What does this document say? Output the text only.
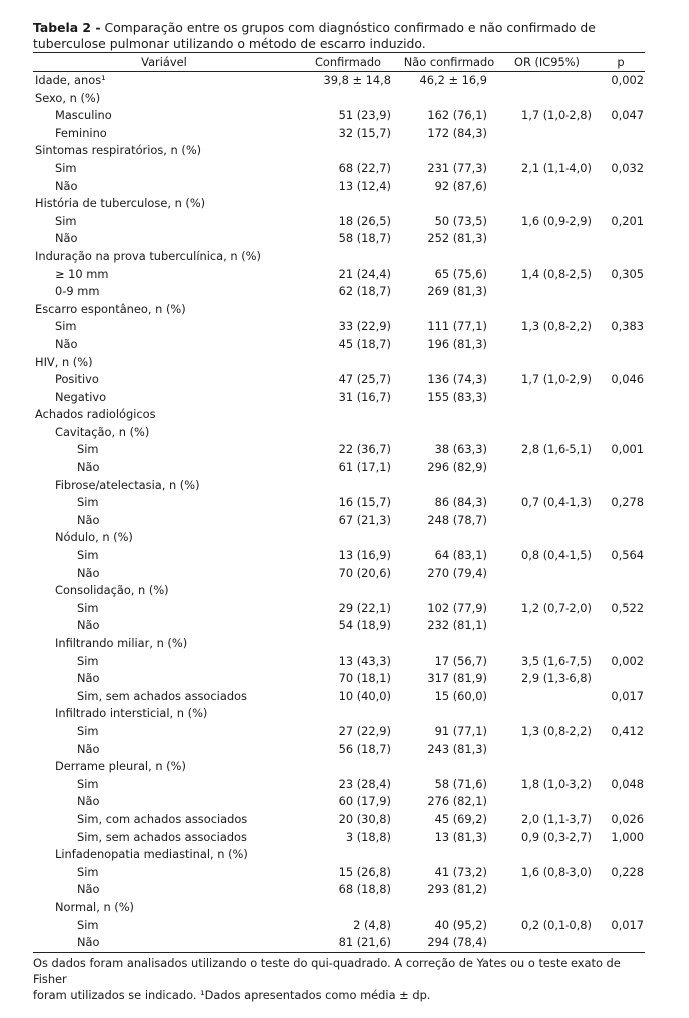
Tabela 2 - Comparação entre os grupos com diagnóstico confirmado e não confirmado de tuberculose pulmonar utilizando o método de escarro induzido.

Variável	Confirmado	Não confirmado	OR (IC95%)	p
Idade, anos¹	39,8 ± 14,8	46,2 ± 16,9		0,002
Sexo, n (%)				
Masculino	51 (23,9)	162 (76,1)	1,7 (1,0-2,8)	0,047
Feminino	32 (15,7)	172 (84,3)		
Sintomas respiratórios, n (%)				
Sim	68 (22,7)	231 (77,3)	2,1 (1,1-4,0)	0,032
Não	13 (12,4)	92 (87,6)		
História de tuberculose, n (%)				
Sim	18 (26,5)	50 (73,5)	1,6 (0,9-2,9)	0,201
Não	58 (18,7)	252 (81,3)		
Induração na prova tuberculínica, n (%)				
≥ 10 mm	21 (24,4)	65 (75,6)	1,4 (0,8-2,5)	0,305
0-9 mm	62 (18,7)	269 (81,3)		
Escarro espontâneo, n (%)				
Sim	33 (22,9)	111 (77,1)	1,3 (0,8-2,2)	0,383
Não	45 (18,7)	196 (81,3)		
HIV, n (%)				
Positivo	47 (25,7)	136 (74,3)	1,7 (1,0-2,9)	0,046
Negativo	31 (16,7)	155 (83,3)		
Achados radiológicos				
Cavitação, n (%)				
Sim	22 (36,7)	38 (63,3)	2,8 (1,6-5,1)	0,001
Não	61 (17,1)	296 (82,9)		
Fibrose/atelectasia, n (%)				
Sim	16 (15,7)	86 (84,3)	0,7 (0,4-1,3)	0,278
Não	67 (21,3)	248 (78,7)		
Nódulo, n (%)				
Sim	13 (16,9)	64 (83,1)	0,8 (0,4-1,5)	0,564
Não	70 (20,6)	270 (79,4)		
Consolidação, n (%)				
Sim	29 (22,1)	102 (77,9)	1,2 (0,7-2,0)	0,522
Não	54 (18,9)	232 (81,1)		
Infiltrando miliar, n (%)				
Sim	13 (43,3)	17 (56,7)	3,5 (1,6-7,5)	0,002
Não	70 (18,1)	317 (81,9)	2,9 (1,3-6,8)	
Sim, sem achados associados	10 (40,0)	15 (60,0)		0,017
Infiltrado intersticial, n (%)				
Sim	27 (22,9)	91 (77,1)	1,3 (0,8-2,2)	0,412
Não	56 (18,7)	243 (81,3)		
Derrame pleural, n (%)				
Sim	23 (28,4)	58 (71,6)	1,8 (1,0-3,2)	0,048
Não	60 (17,9)	276 (82,1)		
Sim, com achados associados	20 (30,8)	45 (69,2)	2,0 (1,1-3,7)	0,026
Sim, sem achados associados	3 (18,8)	13 (81,3)	0,9 (0,3-2,7)	1,000
Linfadenopatia mediastinal, n (%)				
Sim	15 (26,8)	41 (73,2)	1,6 (0,8-3,0)	0,228
Não	68 (18,8)	293 (81,2)		
Normal, n (%)				
Sim	2 (4,8)	40 (95,2)	0,2 (0,1-0,8)	0,017
Não	81 (21,6)	294 (78,4)		
Os dados foram analisados utilizando o teste do qui-quadrado. A correção de Yates ou o teste exato de Fisher
foram utilizados se indicado. ¹Dados apresentados como média ± dp.
